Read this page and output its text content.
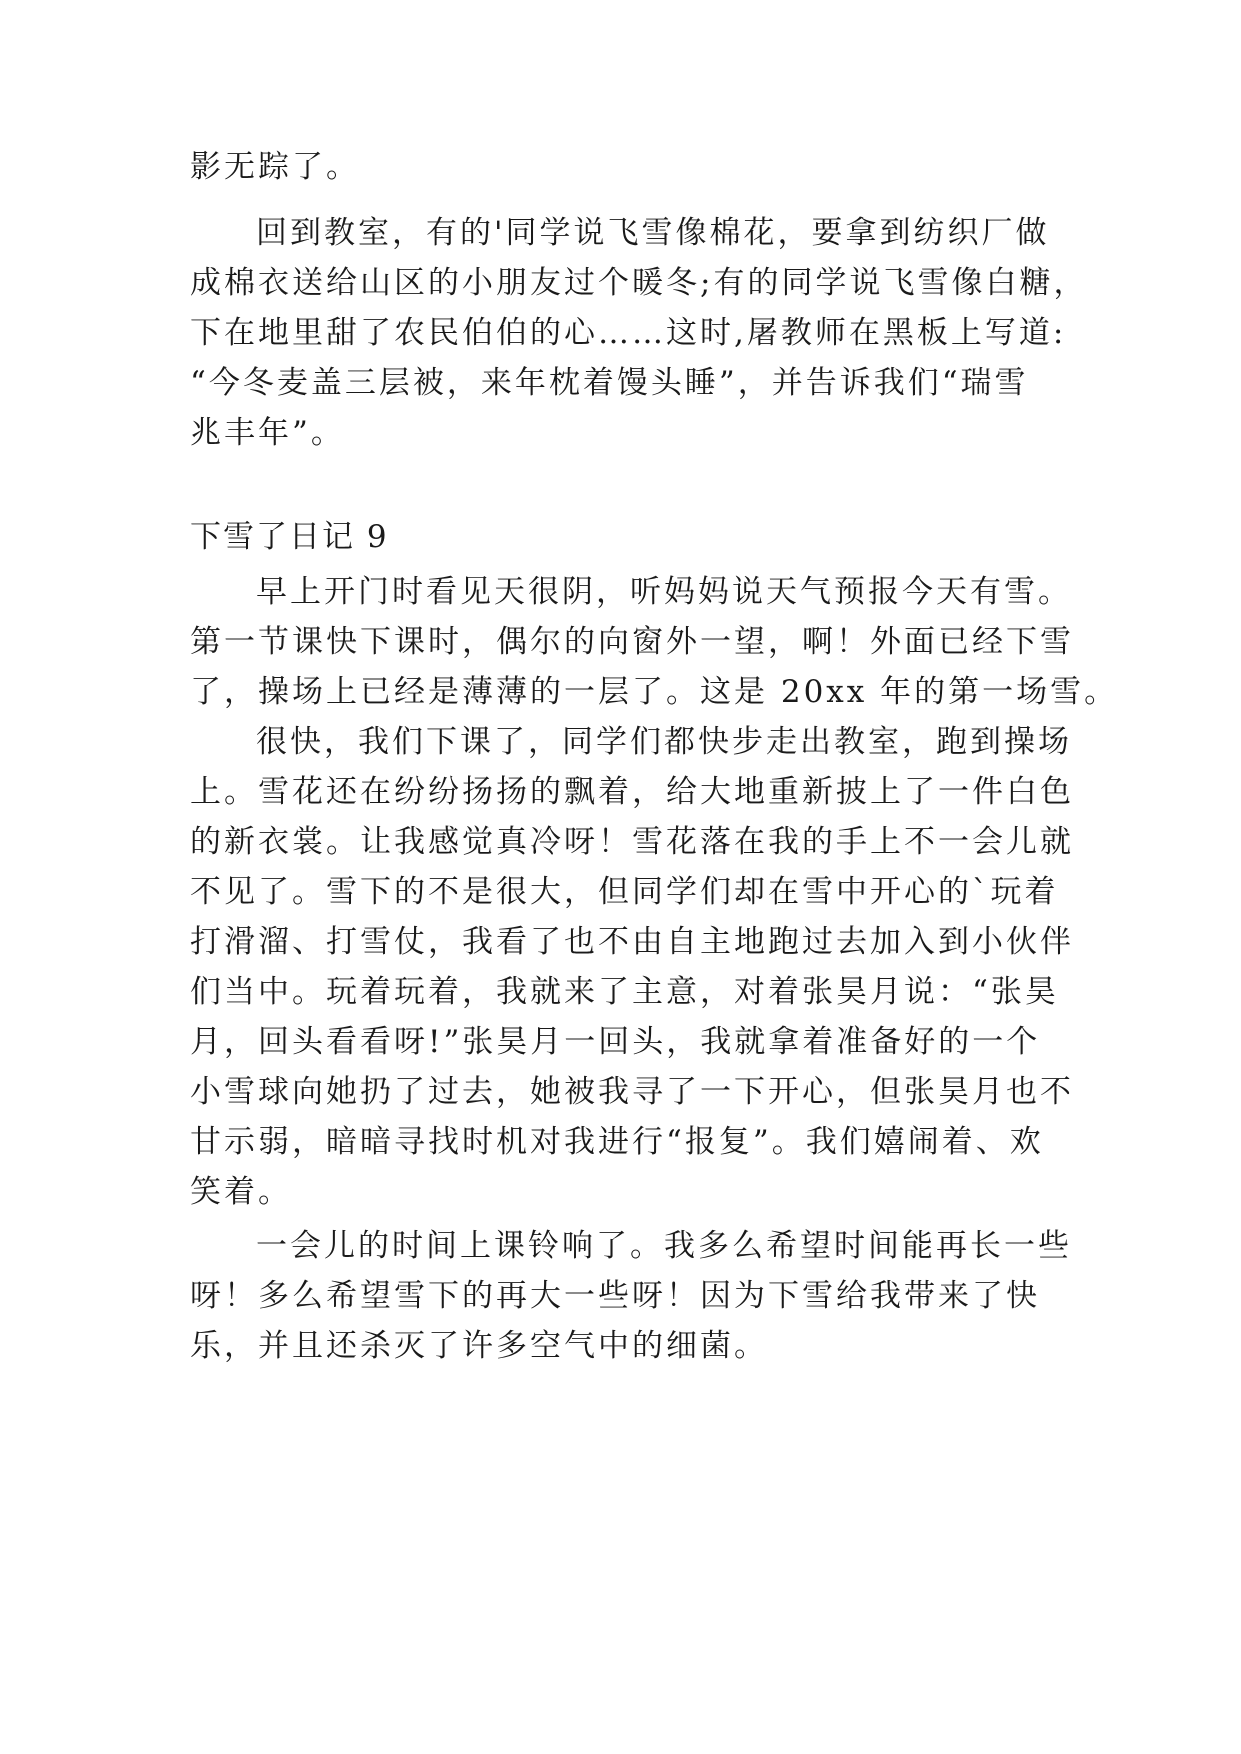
影无踪了。

回到教室，有的'同学说飞雪像棉花，要拿到纺织厂做

成棉衣送给山区的小朋友过个暖冬;有的同学说飞雪像白糖，

下在地里甜了农民伯伯的心……这时,屠教师在黑板上写道:

“今冬麦盖三层被，来年枕着馒头睡”，并告诉我们“瑞雪

兆丰年”。

下雪了日记 9

早上开门时看见天很阴，听妈妈说天气预报今天有雪。

第一节课快下课时，偶尔的向窗外一望，啊！外面已经下雪

了，操场上已经是薄薄的一层了。这是 20xx 年的第一场雪。

很快，我们下课了，同学们都快步走出教室，跑到操场

上。雪花还在纷纷扬扬的飘着，给大地重新披上了一件白色

的新衣裳。让我感觉真冷呀！雪花落在我的手上不一会儿就

不见了。雪下的不是很大，但同学们却在雪中开心的`玩着

打滑溜、打雪仗，我看了也不由自主地跑过去加入到小伙伴

们当中。玩着玩着，我就来了主意，对着张昊月说：“张昊

月，回头看看呀!”张昊月一回头，我就拿着准备好的一个

小雪球向她扔了过去，她被我寻了一下开心，但张昊月也不

甘示弱，暗暗寻找时机对我进行“报复”。我们嬉闹着、欢

笑着。

一会儿的时间上课铃响了。我多么希望时间能再长一些

呀！多么希望雪下的再大一些呀！因为下雪给我带来了快

乐，并且还杀灭了许多空气中的细菌。
